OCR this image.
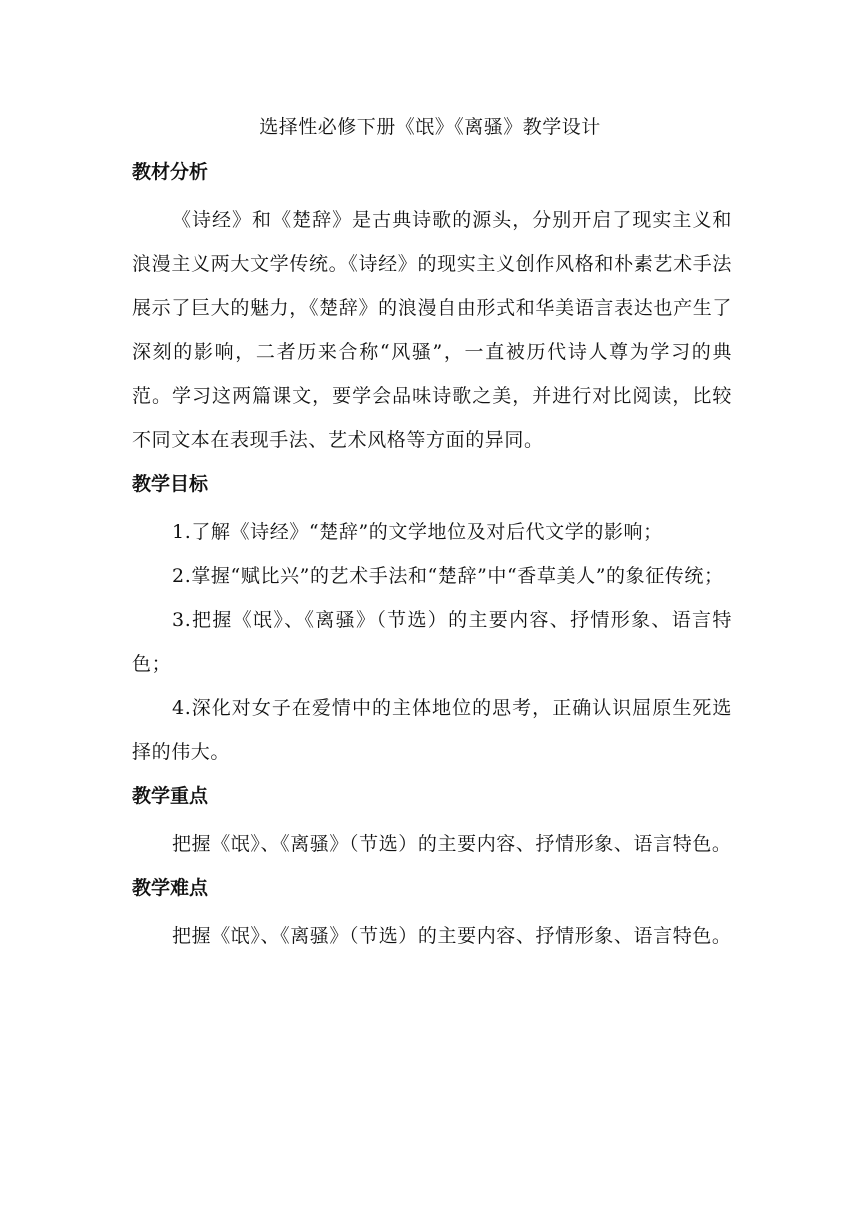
选择性必修下册《氓》《离骚》教学设计
教材分析

《诗经》和《楚辞》是古典诗歌的源头，分别开启了现实主义和浪漫主义两大文学传统。《诗经》的现实主义创作风格和朴素艺术手法展示了巨大的魅力，《楚辞》的浪漫自由形式和华美语言表达也产生了深刻的影响，二者历来合称“风骚”，一直被历代诗人尊为学习的典范。学习这两篇课文，要学会品味诗歌之美，并进行对比阅读，比较不同文本在表现手法、艺术风格等方面的异同。

教学目标

1.了解《诗经》“楚辞”的文学地位及对后代文学的影响；

2.掌握“赋比兴”的艺术手法和“楚辞”中“香草美人”的象征传统；

3.把握《氓》、《离骚》（节选）的主要内容、抒情形象、语言特色；

4.深化对女子在爱情中的主体地位的思考，正确认识屈原生死选择的伟大。

教学重点

把握《氓》、《离骚》（节选）的主要内容、抒情形象、语言特色。

教学难点

把握《氓》、《离骚》（节选）的主要内容、抒情形象、语言特色。
